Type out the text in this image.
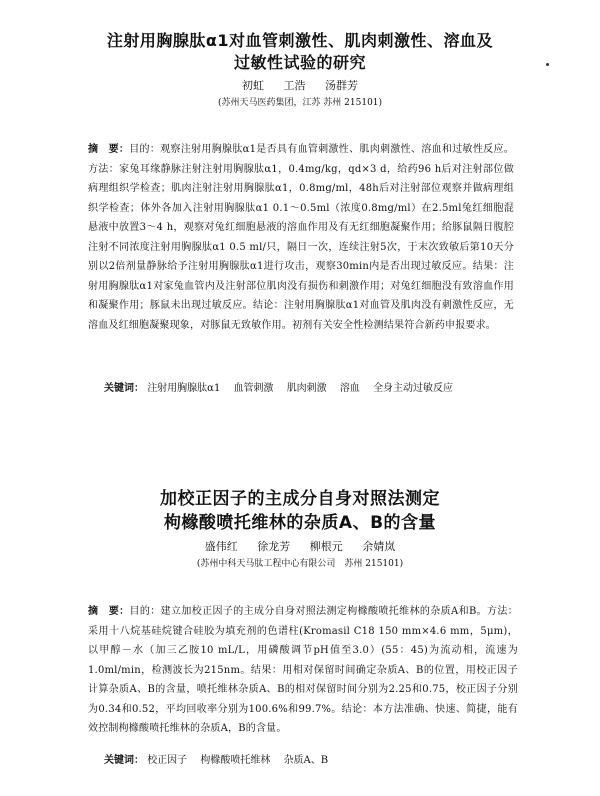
注射用胸腺肽α1对血管刺激性、肌肉刺激性、溶血及
过敏性试验的研究
初虹 工浩 汤群芳
(苏州天马医药集团，江苏 苏州 215101)
摘　要：目的：观察注射用胸腺肽α1是否具有血管刺激性、肌肉刺激性、溶血和过敏性反应。方法：家兔耳缘静脉注射注射用胸腺肽α1，0.4mg/kg，qd×3 d，给药96 h后对注射部位做病理组织学检查；肌肉注射注射用胸腺肽α1，0.8mg/ml，48h后对注射部位观察并做病理组织学检查；体外各加入注射用胸腺肽α1 0.1～0.5ml（浓度0.8mg/ml）在2.5ml兔红细胞混悬液中放置3～4 h，观察对兔红细胞悬液的溶血作用及有无红细胞凝聚作用；给豚鼠隔日腹腔注射不同浓度注射用胸腺肽α1 0.5 ml/只，隔日一次，连续注射5次，于末次致敏后第10天分别以2倍剂量静脉给予注射用胸腺肽α1进行攻击，观察30min内是否出现过敏反应。结果：注射用胸腺肽α1对家兔血管内及注射部位肌肉没有损伤和刺激作用；对兔红细胞没有致溶血作用和凝聚作用；豚鼠未出现过敏反应。结论：注射用胸腺肽α1对血管及肌肉没有刺激性反应，无溶血及红细胞凝聚现象，对豚鼠无致敏作用。初剂有关安全性检测结果符合新药申报要求。
关键词： 注射用胸腺肽α1 血管刺激 肌肉刺激 溶血 全身主动过敏反应
加校正因子的主成分自身对照法测定
枸橼酸喷托维林的杂质A、B的含量
盛伟红 徐龙芳 柳根元 余婧岚
(苏州中科天马肽工程中心有限公司　苏州 215101)
摘　要：目的：建立加校正因子的主成分自身对照法测定枸橼酸喷托维林的杂质A和B。方法：采用十八烷基硅烷键合硅胶为填充剂的色谱柱(Kromasil C18 150 mm×4.6 mm，5μm)，以甲醇－水（加三乙胺10 mL/L，用磷酸调节pH值至3.0）(55：45)为流动相，流速为1.0ml/min，检测波长为215nm。结果：用相对保留时间确定杂质A、B的位置，用校正因子计算杂质A、B的含量，喷托维林杂质A、B的相对保留时间分别为2.25和0.75，校正因子分别为0.34和0.52，平均回收率分别为100.6%和99.7%。结论：本方法准确、快速、简捷，能有效控制枸橼酸喷托维林的杂质A，B的含量。
关键词： 校正因子 枸橼酸喷托维林 杂质A、B
